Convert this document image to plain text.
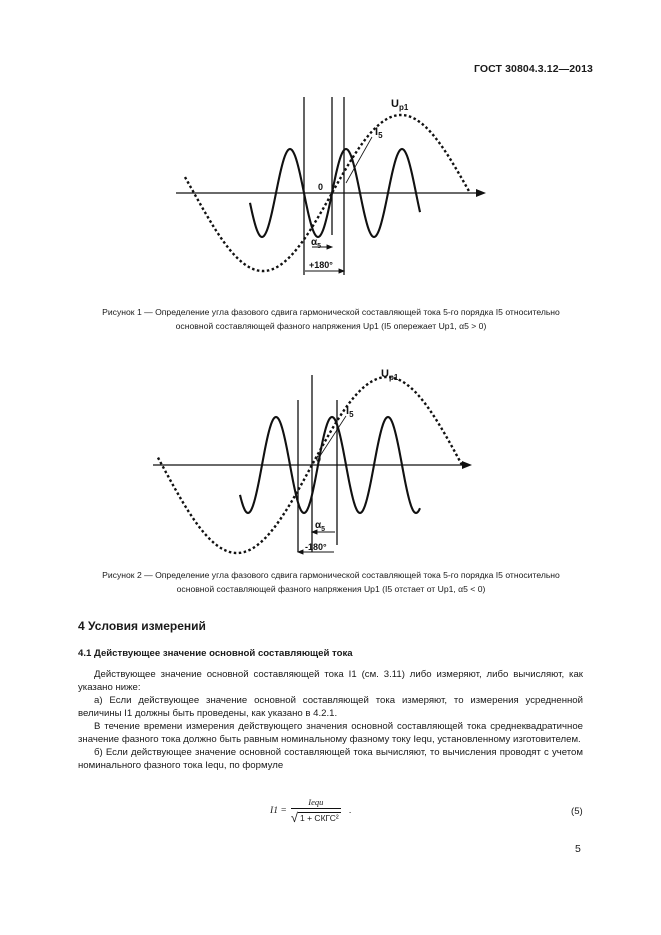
ГОСТ 30804.3.12—2013
$U_{p1}$
$I_5$
0
$\alpha_5$
+180°
Рисунок 1 — Определение угла фазового сдвига гармонической составляющей тока 5-го порядка I5 относительно
основной составляющей фазного напряжения Up1 (I5 опережает Up1, α5 > 0)
$U_{p1}$
$I_5$
0
$\alpha_5$
-180°
Рисунок 2 — Определение угла фазового сдвига гармонической составляющей тока 5-го порядка I5 относительно
основной составляющей фазного напряжения Up1 (I5 отстает от Up1, α5 < 0)
4 Условия измерений
4.1 Действующее значение основной составляющей тока

Действующее значение основной составляющей тока I1 (см. 3.11) либо измеряют, либо вычисляют, как указано ниже:

а) Если действующее значение основной составляющей тока измеряют, то измерения усредненной величины I1 должны быть проведены, как указано в 4.2.1.

В течение времени измерения действующего значения основной составляющей тока среднеквадратичное значение фазного тока должно быть равным номинальному фазному току Iequ, установленному изготовителем.

б) Если действующее значение основной составляющей тока вычисляют, то вычисления проводят с учетом номинального фазного тока Iequ, по формуле

I1 =
Iequ
√ 1 + СКГС²
.	(5)
5
